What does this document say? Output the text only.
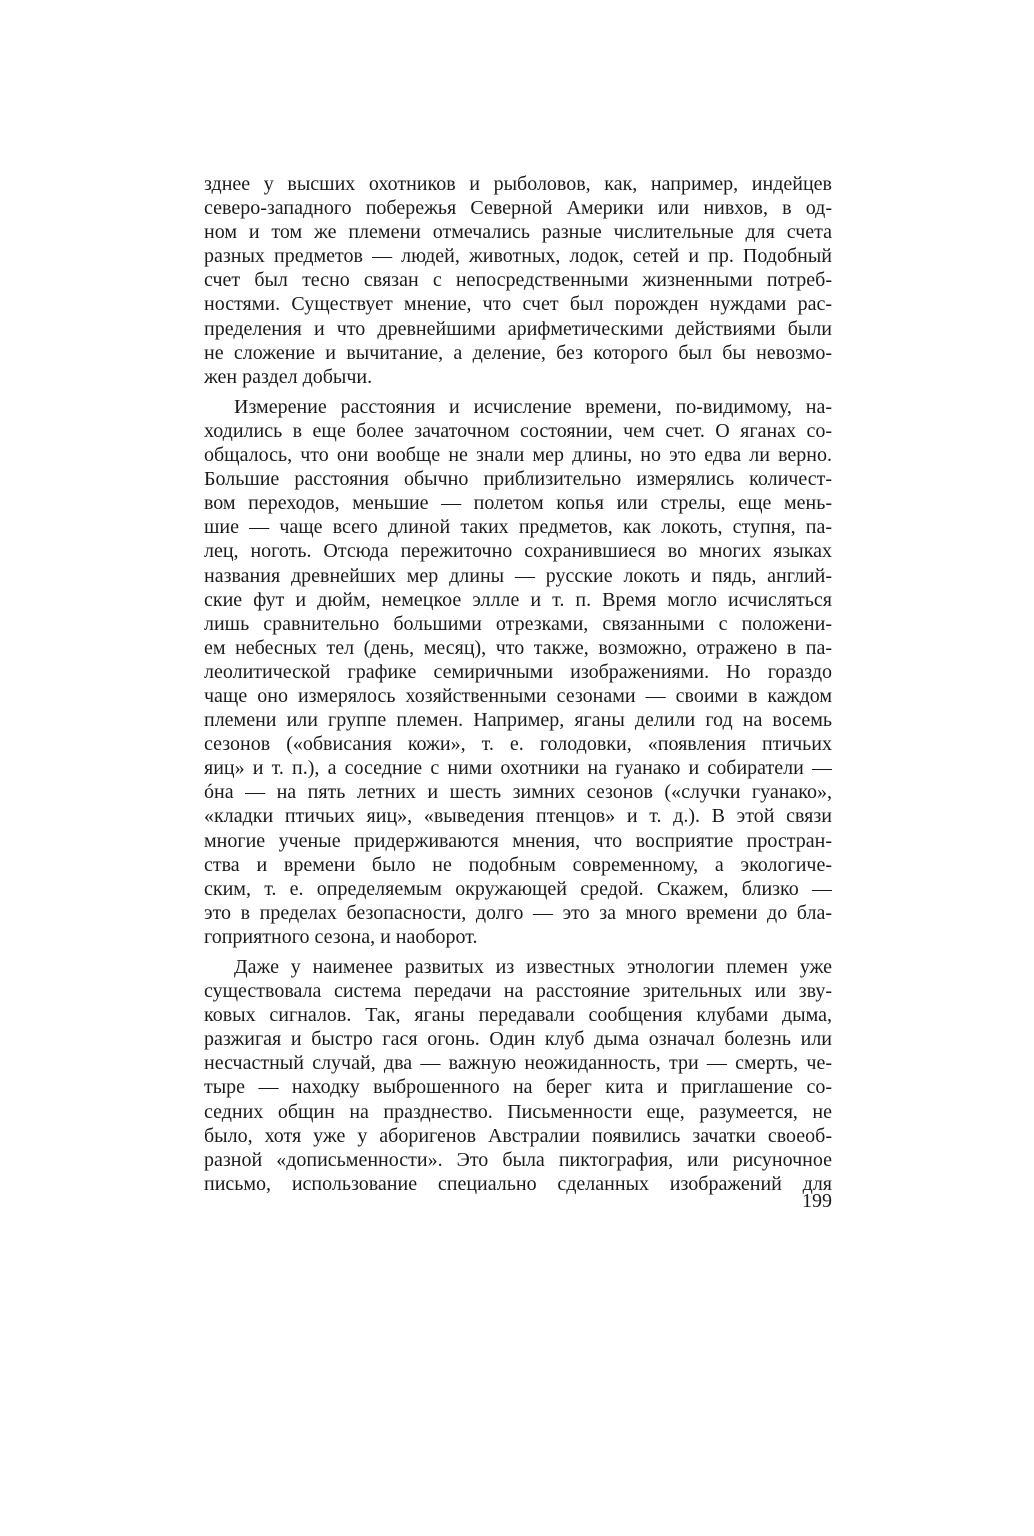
зднее у высших охотников и рыболовов, как, например, индейцев
северо-западного побережья Северной Америки или нивхов, в од-
ном и том же племени отмечались разные числительные для счета
разных предметов — людей, животных, лодок, сетей и пр. Подобный
счет был тесно связан с непосредственными жизненными потреб-
ностями. Существует мнение, что счет был порожден нуждами рас-
пределения и что древнейшими арифметическими действиями были
не сложение и вычитание, а деление, без которого был бы невозмо-
жен раздел добычи.
Измерение расстояния и исчисление времени, по-видимому, на-
ходились в еще более зачаточном состоянии, чем счет. О яганах со-
общалось, что они вообще не знали мер длины, но это едва ли верно.
Большие расстояния обычно приблизительно измерялись количест-
вом переходов, меньшие — полетом копья или стрелы, еще мень-
шие — чаще всего длиной таких предметов, как локоть, ступня, па-
лец, ноготь. Отсюда пережиточно сохранившиеся во многих языках
названия древнейших мер длины — русские локоть и пядь, англий-
ские фут и дюйм, немецкое эллле и т. п. Время могло исчисляться
лишь сравнительно большими отрезками, связанными с положени-
ем небесных тел (день, месяц), что также, возможно, отражено в па-
леолитической графике семиричными изображениями. Но гораздо
чаще оно измерялось хозяйственными сезонами — своими в каждом
племени или группе племен. Например, яганы делили год на восемь
сезонов («обвисания кожи», т. е. голодовки, «появления птичьих
яиц» и т. п.), а соседние с ними охотники на гуанако и собиратели —
óна — на пять летних и шесть зимних сезонов («случки гуанако»,
«кладки птичьих яиц», «выведения птенцов» и т. д.). В этой связи
многие ученые придерживаются мнения, что восприятие простран-
ства и времени было не подобным современному, а экологиче-
ским, т. е. определяемым окружающей средой. Скажем, близко —
это в пределах безопасности, долго — это за много времени до бла-
гоприятного сезона, и наоборот.
Даже у наименее развитых из известных этнологии племен уже
существовала система передачи на расстояние зрительных или зву-
ковых сигналов. Так, яганы передавали сообщения клубами дыма,
разжигая и быстро гася огонь. Один клуб дыма означал болезнь или
несчастный случай, два — важную неожиданность, три — смерть, че-
тыре — находку выброшенного на берег кита и приглашение со-
седних общин на празднество. Письменности еще, разумеется, не
было, хотя уже у аборигенов Австралии появились зачатки своеоб-
разной «дописьменности». Это была пиктография, или рисуночное
письмо, использование специально сделанных изображений для
199
